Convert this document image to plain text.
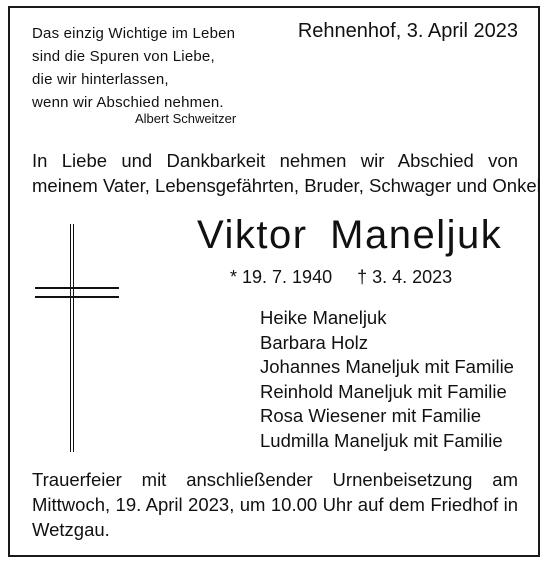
Das einzig Wichtige im Leben
sind die Spuren von Liebe,
die wir hinterlassen,
wenn wir Abschied nehmen.
Albert Schweitzer
Rehnenhof, 3. April 2023
In Liebe und Dankbarkeit nehmen wir Abschied von
meinem Vater, Lebensgefährten, Bruder, Schwager und Onkel
Viktor Maneljuk
* 19. 7. 1940 † 3. 4. 2023
Heike Maneljuk
Barbara Holz
Johannes Maneljuk mit Familie
Reinhold Maneljuk mit Familie
Rosa Wiesener mit Familie
Ludmilla Maneljuk mit Familie
Trauerfeier mit anschließender Urnenbeisetzung am
Mittwoch, 19. April 2023, um 10.00 Uhr auf dem Friedhof in
Wetzgau.
